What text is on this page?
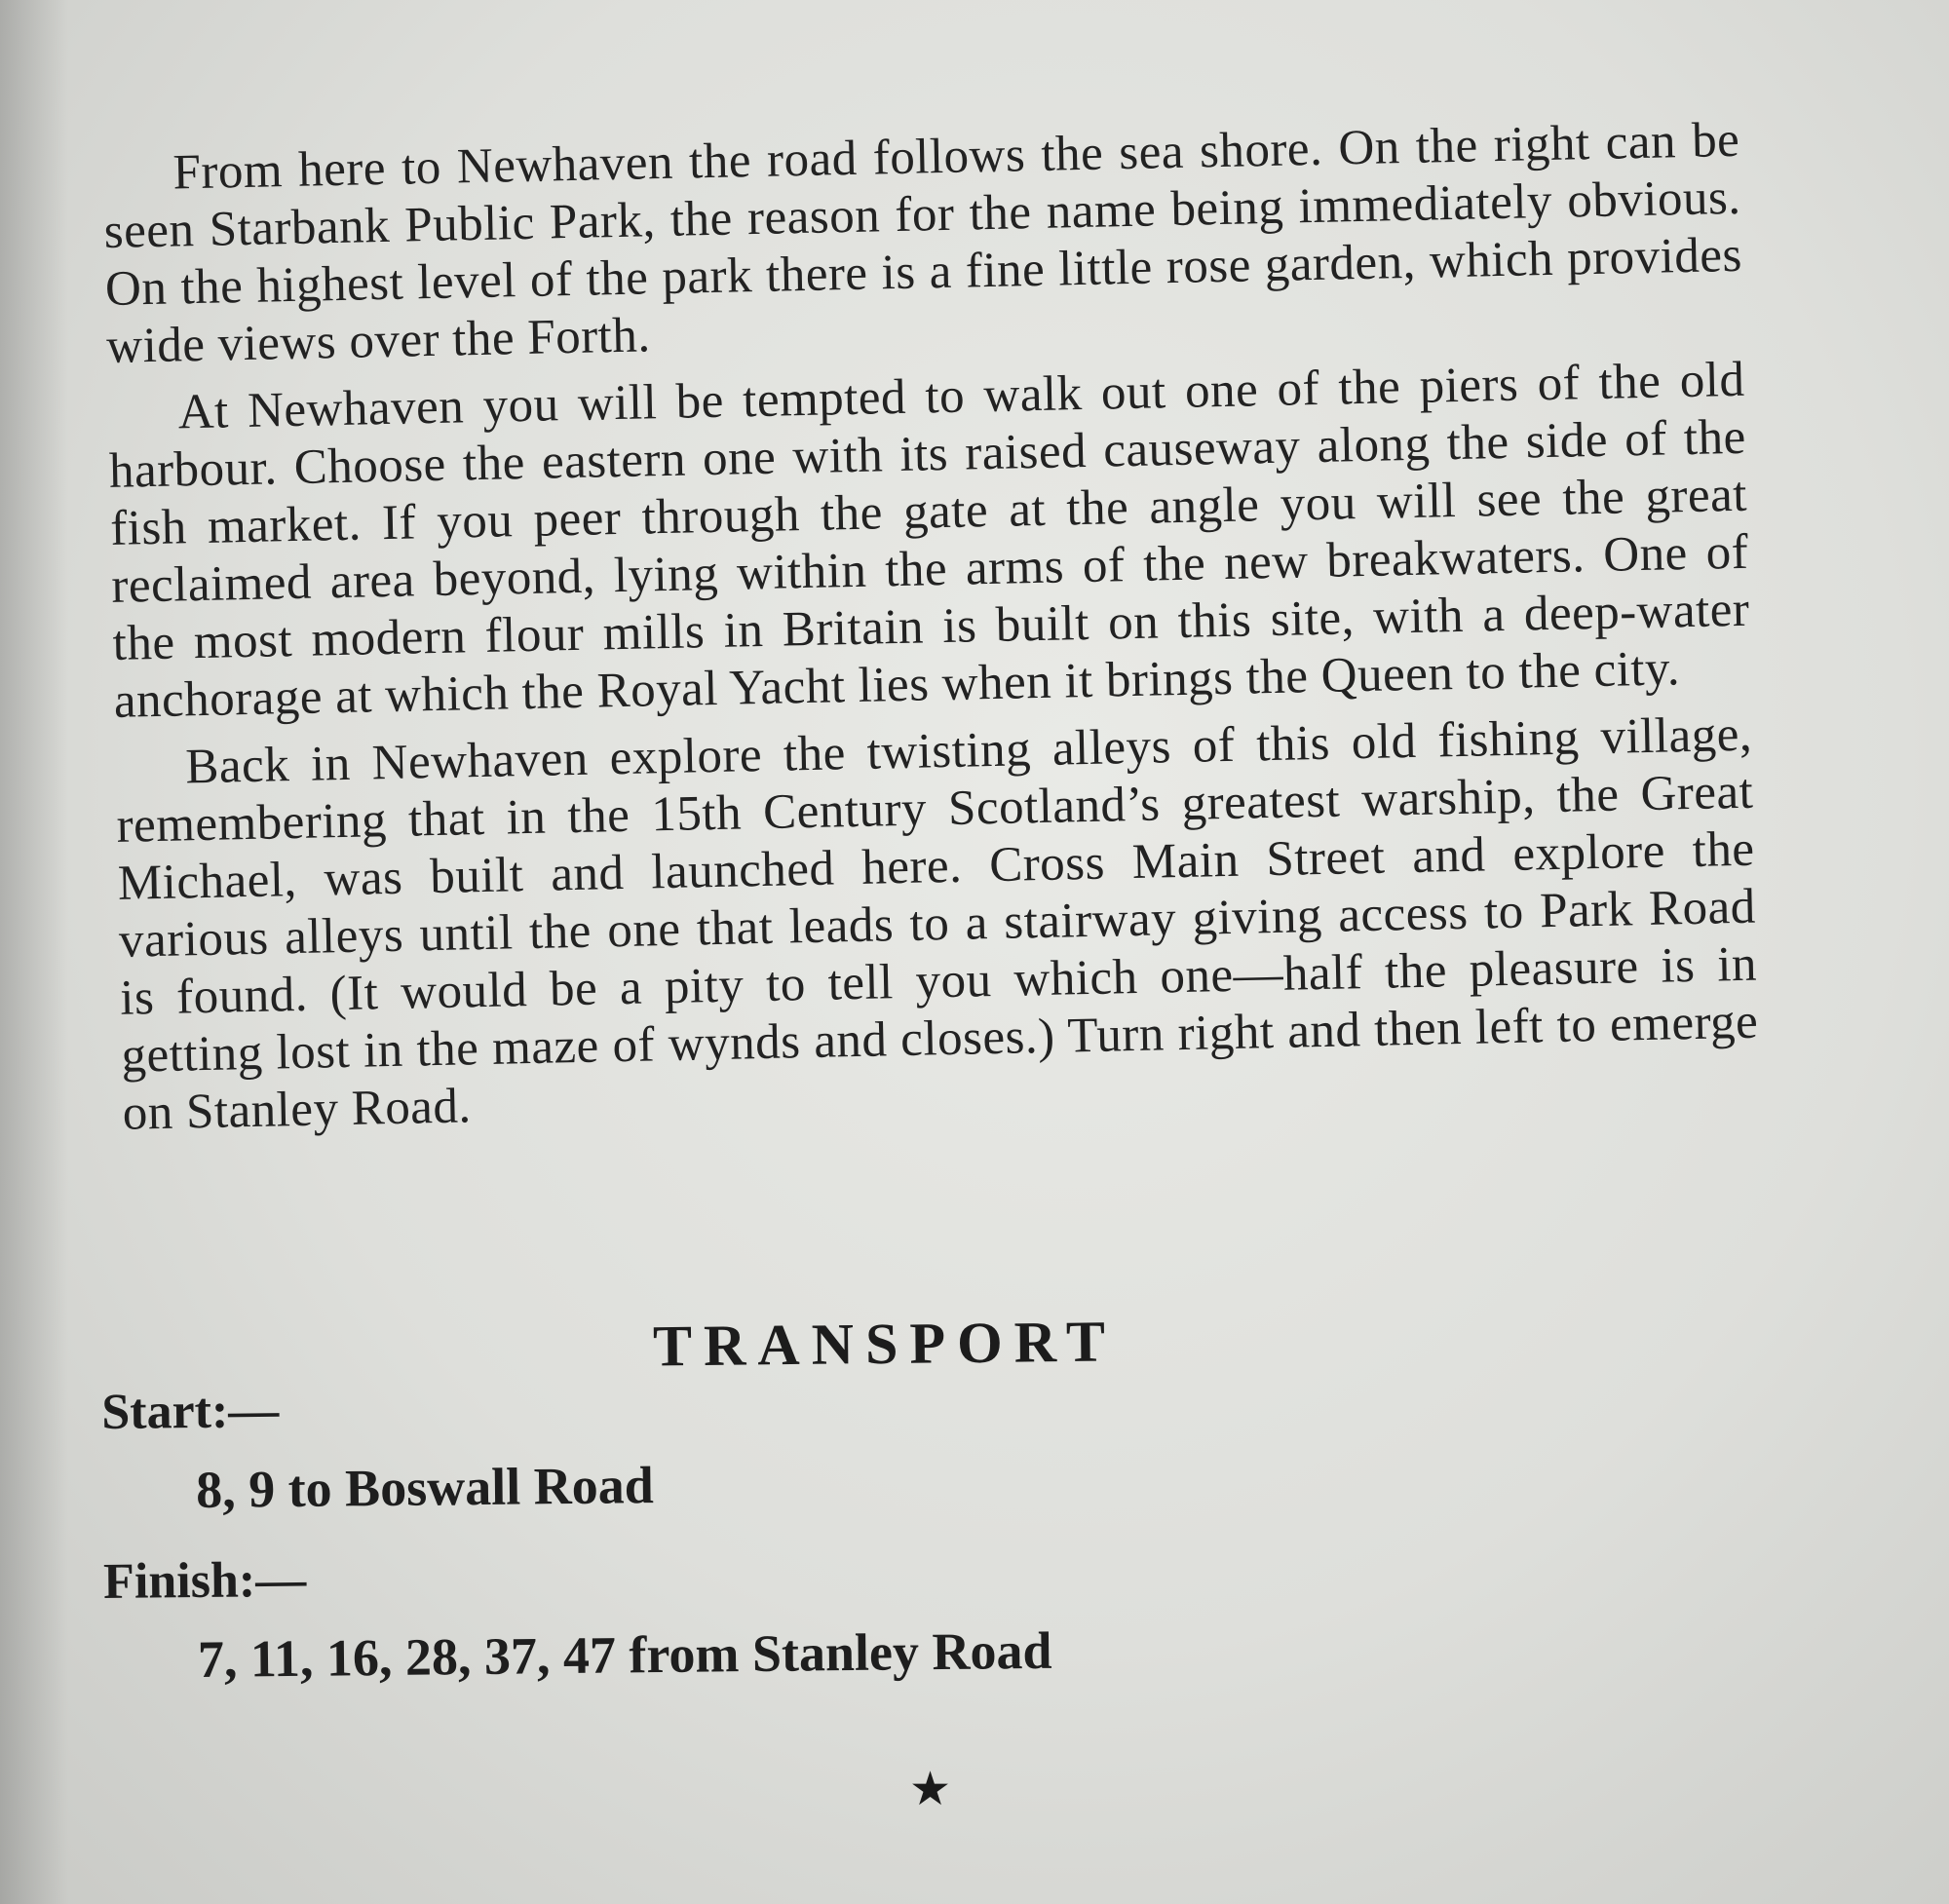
From here to Newhaven the road follows the sea shore. On the right can be seen Starbank Public Park, the reason for the name being immediately obvious. On the highest level of the park there is a fine little rose garden, which provides wide views over the Forth.

At Newhaven you will be tempted to walk out one of the piers of the old harbour. Choose the eastern one with its raised causeway along the side of the fish market. If you peer through the gate at the angle you will see the great reclaimed area beyond, lying within the arms of the new breakwaters. One of the most modern flour mills in Britain is built on this site, with a deep-water anchorage at which the Royal Yacht lies when it brings the Queen to the city.

Back in Newhaven explore the twisting alleys of this old fishing village, remembering that in the 15th Century Scotland’s greatest warship, the Great Michael, was built and launched here. Cross Main Street and explore the various alleys until the one that leads to a stairway giving access to Park Road is found. (It would be a pity to tell you which one—half the pleasure is in getting lost in the maze of wynds and closes.) Turn right and then left to emerge on Stanley Road.

TRANSPORT

Start:—

8, 9 to Boswall Road

Finish:—

7, 11, 16, 28, 37, 47 from Stanley Road

★
